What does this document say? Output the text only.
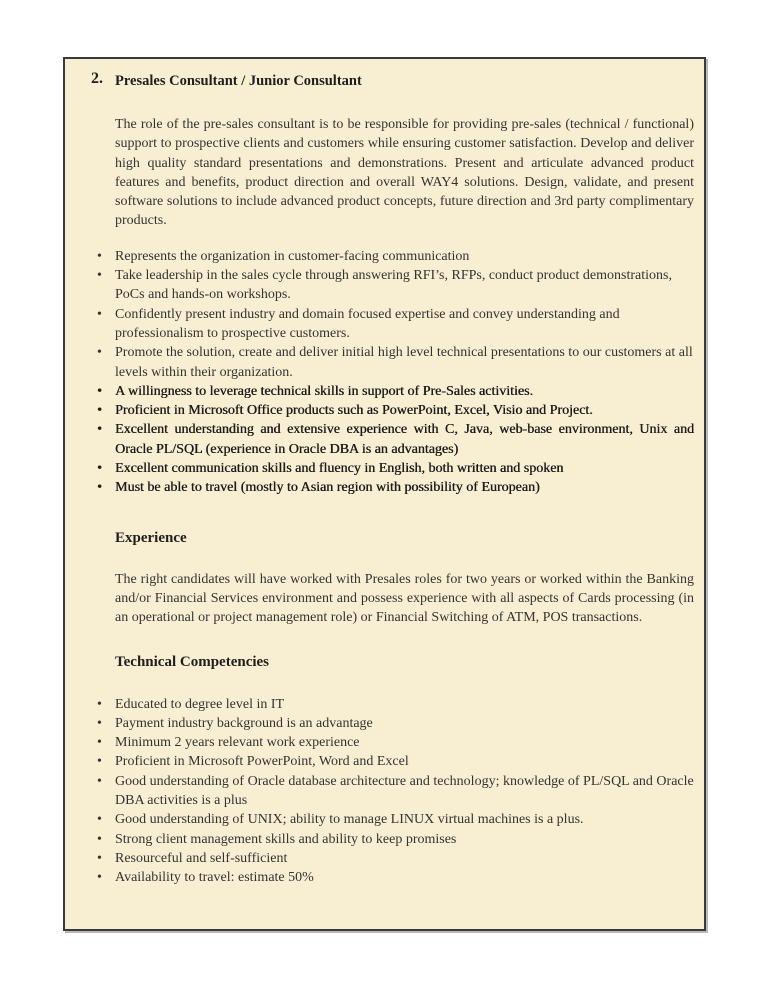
2. Presales Consultant / Junior Consultant

The role of the pre-sales consultant is to be responsible for providing pre-sales (technical / functional) support to prospective clients and customers while ensuring customer satisfaction. Develop and deliver high quality standard presentations and demonstrations. Present and articulate advanced product features and benefits, product direction and overall WAY4 solutions. Design, validate, and present software solutions to include advanced product concepts, future direction and 3rd party complimentary products.

• Represents the organization in customer-facing communication
• Take leadership in the sales cycle through answering RFI’s, RFPs, conduct product demonstrations, PoCs and hands-on workshops.
• Confidently present industry and domain focused expertise and convey understanding and professionalism to prospective customers.
• Promote the solution, create and deliver initial high level technical presentations to our customers at all levels within their organization.
• A willingness to leverage technical skills in support of Pre-Sales activities.
• Proficient in Microsoft Office products such as PowerPoint, Excel, Visio and Project.
• Excellent understanding and extensive experience with C, Java, web-base environment, Unix and Oracle PL/SQL (experience in Oracle DBA is an advantages)
• Excellent communication skills and fluency in English, both written and spoken
• Must be able to travel (mostly to Asian region with possibility of European)
Experience

The right candidates will have worked with Presales roles for two years or worked within the Banking and/or Financial Services environment and possess experience with all aspects of Cards processing (in an operational or project management role) or Financial Switching of ATM, POS transactions.

Technical Competencies
• Educated to degree level in IT
• Payment industry background is an advantage
• Minimum 2 years relevant work experience
• Proficient in Microsoft PowerPoint, Word and Excel
• Good understanding of Oracle database architecture and technology; knowledge of PL/SQL and Oracle DBA activities is a plus
• Good understanding of UNIX; ability to manage LINUX virtual machines is a plus.
• Strong client management skills and ability to keep promises
• Resourceful and self-sufficient
• Availability to travel: estimate 50%
